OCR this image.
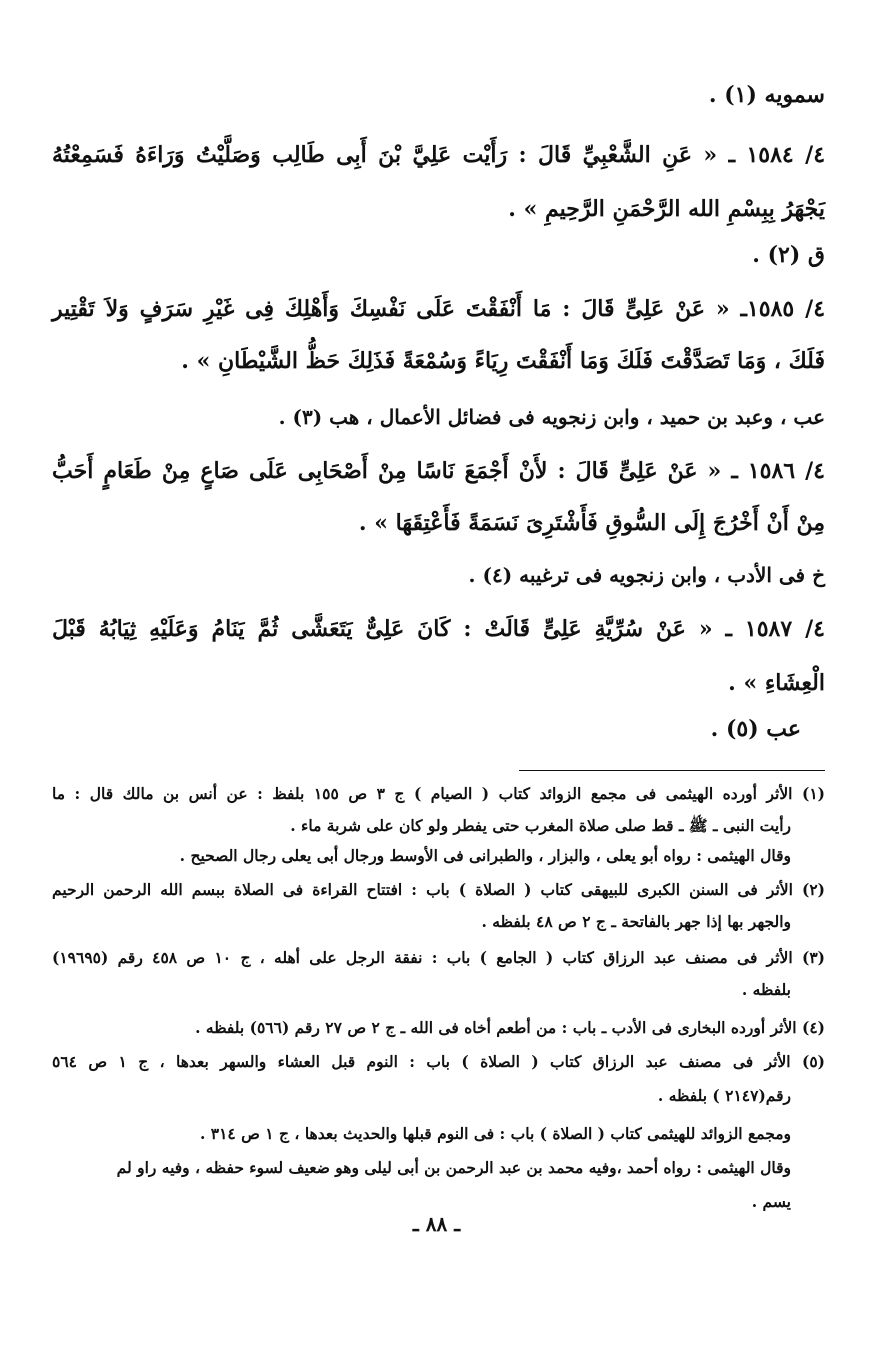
سمويه (١) .
٤/ ١٥٨٤ ـ « عَنِ الشَّعْبِيِّ قَالَ : رَأَيْت عَلِيَّ بْنَ أَبِى طَالِب وَصَلَّيْتُ وَرَاءَهُ فَسَمِعْتُهُ
يَجْهَرُ بِبِسْمِ الله الرَّحْمَنِ الرَّحِيمِ » .
ق (٢) .
٤/ ١٥٨٥ـ « عَنْ عَلِىٍّ قَالَ : مَا أَنْفَقْتَ عَلَى نَفْسِكَ وَأَهْلِكَ فِى غَيْرِ سَرَفٍ وَلاَ تَقْتِير
فَلَكَ ، وَمَا تَصَدَّقْتَ فَلَكَ وَمَا أَنْفَقْتَ رِيَاءً وَسُمْعَةً فَذَلِكَ حَظُّ الشَّيْطَانِ » .
عب ، وعبد بن حميد ، وابن زنجويه فى فضائل الأعمال ، هب (٣) .
٤/ ١٥٨٦ ـ « عَنْ عَلِىٍّ قَالَ : لأَنْ أَجْمَعَ نَاسًا مِنْ أَصْحَابِى عَلَى صَاعٍ مِنْ طَعَامٍ أَحَبُّ
مِنْ أَنْ أَخْرُجَ إِلَى السُّوقِ فَأَشْتَرِىَ نَسَمَةً فَأَعْتِقَهَا » .
خ فى الأدب ، وابن زنجويه فى ترغيبه (٤) .
٤/ ١٥٨٧ ـ « عَنْ سُرِّيَّةِ عَلِىٍّ قَالَتْ : كَانَ عَلِىٌّ يَتَعَشَّى ثُمَّ يَنَامُ وَعَلَيْهِ ثِيَابُهُ قَبْلَ
الْعِشَاءِ » .
عب (٥) .
(١) الأثر أورده الهيثمى فى مجمع الزوائد كتاب ( الصيام ) ج ٣ ص ١٥٥ بلفظ : عن أنس بن مالك قال : ما
رأيت النبى ـ ﷺ ـ قط صلى صلاة المغرب حتى يفطر ولو كان على شربة ماء .
وقال الهيثمى : رواه أبو يعلى ، والبزار ، والطبرانى فى الأوسط ورجال أبى يعلى رجال الصحيح .
(٢) الأثر فى السنن الكبرى للبيهقى كتاب ( الصلاة ) باب : افتتاح القراءة فى الصلاة ببسم الله الرحمن الرحيم
والجهر بها إذا جهر بالفاتحة ـ ج ٢ ص ٤٨ بلفظه .
(٣) الأثر فى مصنف عبد الرزاق كتاب ( الجامع ) باب : نفقة الرجل على أهله ، ج ١٠ ص ٤٥٨ رقم (١٩٦٩٥)
بلفظه .
(٤) الأثر أورده البخارى فى الأدب ـ باب : من أطعم أخاه فى الله ـ ج ٢ ص ٢٧ رقم (٥٦٦) بلفظه .
(٥) الأثر فى مصنف عبد الرزاق كتاب ( الصلاة ) باب : النوم قبل العشاء والسهر بعدها ، ج ١ ص ٥٦٤
رقم(٢١٤٧ ) بلفظه .
ومجمع الزوائد للهيثمى كتاب ( الصلاة ) باب : فى النوم قبلها والحديث بعدها ، ج ١ ص ٣١٤ .
وقال الهيثمى : رواه أحمد ،وفيه محمد بن عبد الرحمن بن أبى ليلى وهو ضعيف لسوء حفظه ، وفيه راو لم
يسم .
ـ ٨٨ ـ
